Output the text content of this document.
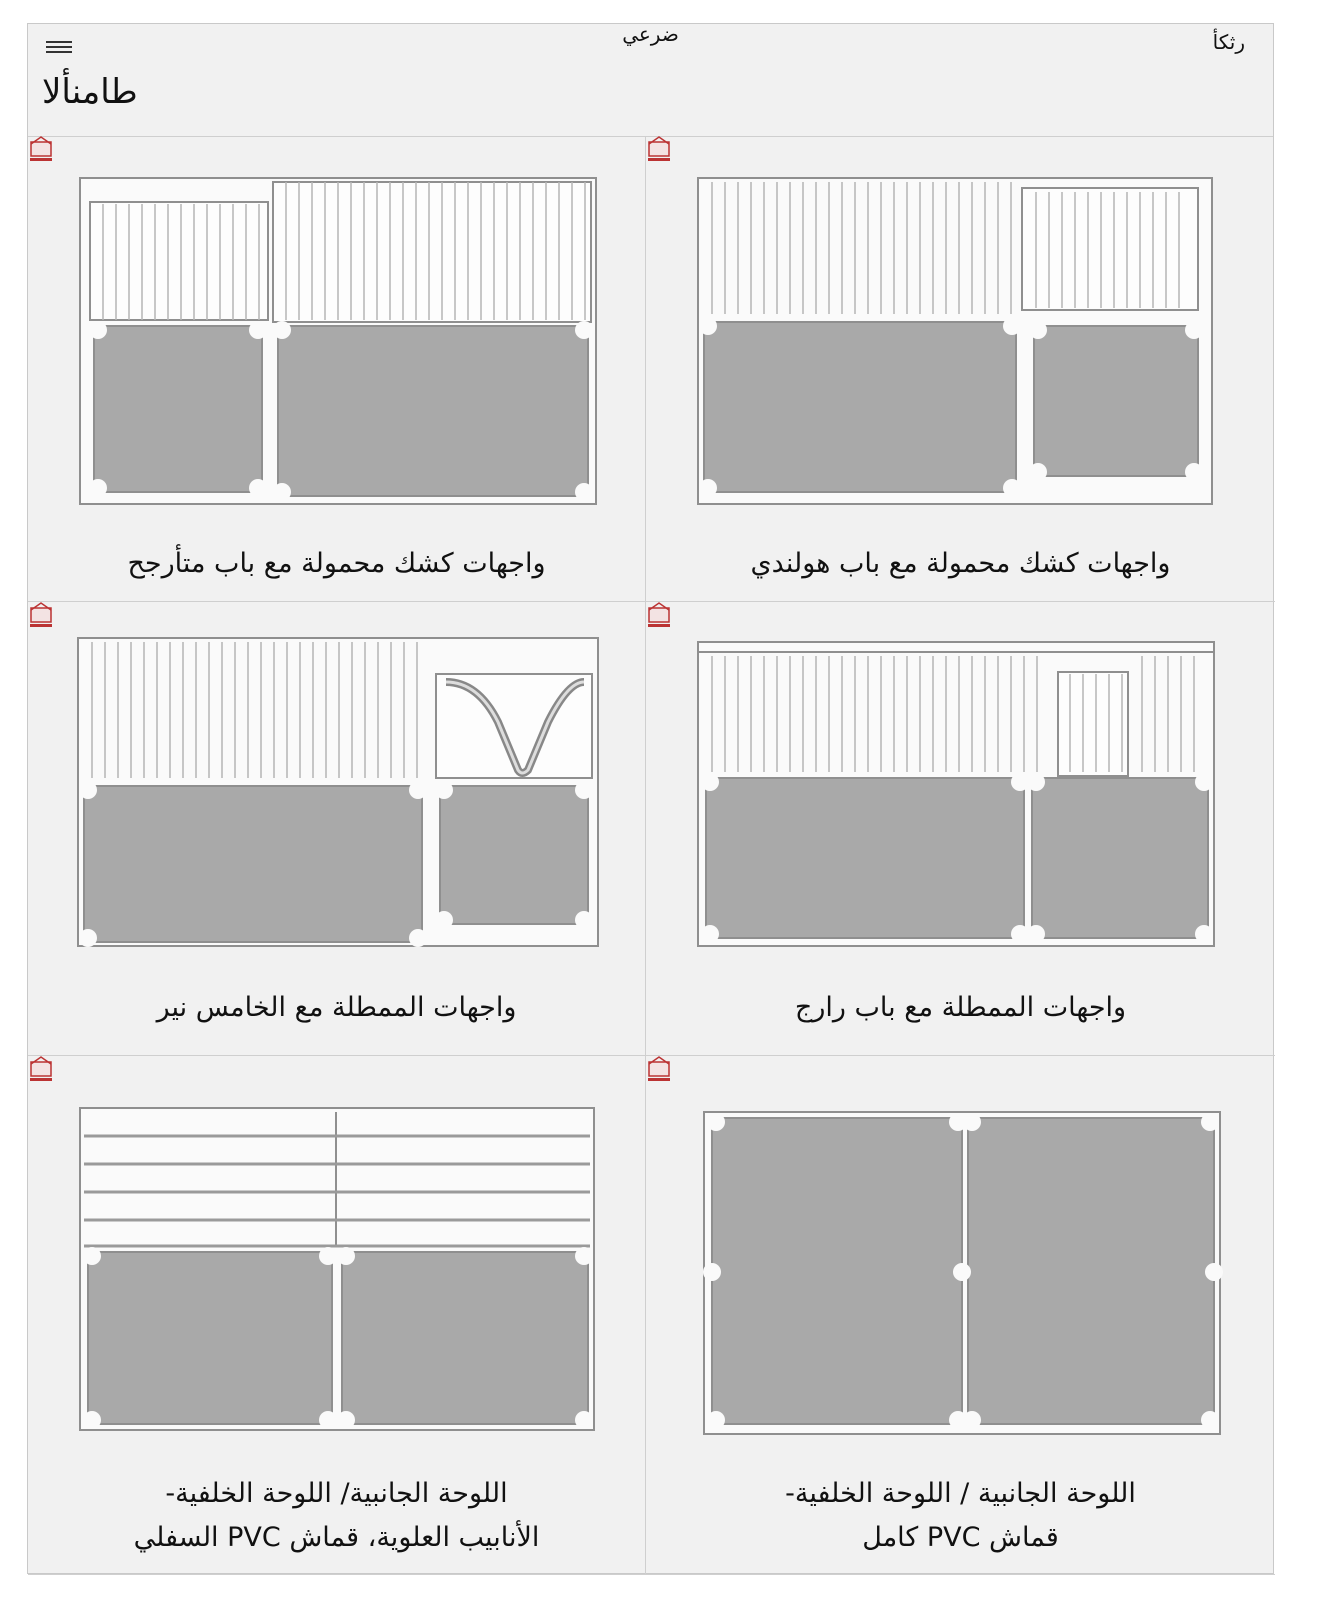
ضرعي	رثكأ
طامنألا
واجهات كشك محمولة مع باب متأرجح	واجهات كشك محمولة مع باب هولندي
واجهات الممطلة مع الخامس نير	واجهات الممطلة مع باب رارج
اللوحة الجانبية/ اللوحة الخلفية-
الأنابيب العلوية، قماش PVC السفلي
اللوحة الجانبية / اللوحة الخلفية-
قماش PVC كامل
